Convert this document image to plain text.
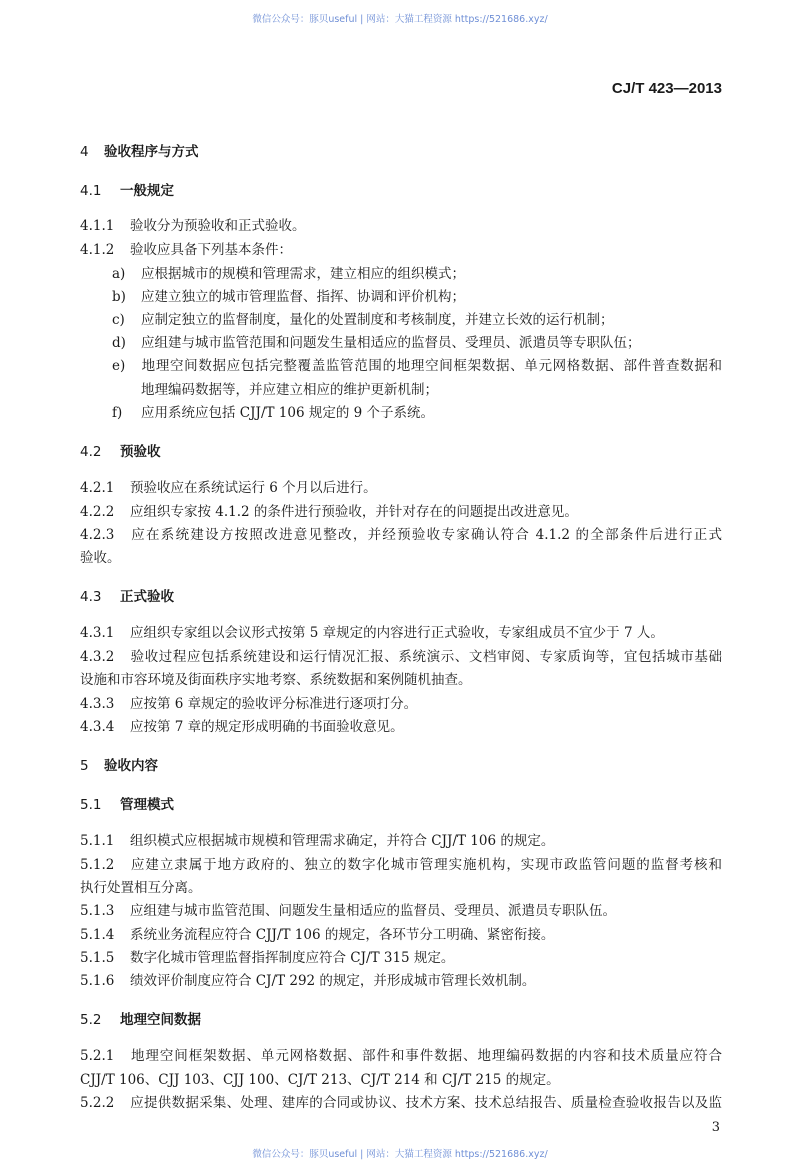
微信公众号：豚贝useful | 网站：大猫工程资源 https://521686.xyz/
CJ/T 423—2013
4 验收程序与方式
4.1 一般规定
4.1.1 验收分为预验收和正式验收。
4.1.2 验收应具备下列基本条件：
a) 应根据城市的规模和管理需求，建立相应的组织模式；
b) 应建立独立的城市管理监督、指挥、协调和评价机构；
c) 应制定独立的监督制度，量化的处置制度和考核制度，并建立长效的运行机制；
d) 应组建与城市监管范围和问题发生量相适应的监督员、受理员、派遣员等专职队伍；
e) 地理空间数据应包括完整覆盖监管范围的地理空间框架数据、单元网格数据、部件普查数据和
地理编码数据等，并应建立相应的维护更新机制；
f) 应用系统应包括 CJJ/T 106 规定的 9 个子系统。
4.2 预验收
4.2.1 预验收应在系统试运行 6 个月以后进行。
4.2.2 应组织专家按 4.1.2 的条件进行预验收，并针对存在的问题提出改进意见。
4.2.3 应在系统建设方按照改进意见整改，并经预验收专家确认符合 4.1.2 的全部条件后进行正式
验收。
4.3 正式验收
4.3.1 应组织专家组以会议形式按第 5 章规定的内容进行正式验收，专家组成员不宜少于 7 人。
4.3.2 验收过程应包括系统建设和运行情况汇报、系统演示、文档审阅、专家质询等，宜包括城市基础
设施和市容环境及街面秩序实地考察、系统数据和案例随机抽查。
4.3.3 应按第 6 章规定的验收评分标准进行逐项打分。
4.3.4 应按第 7 章的规定形成明确的书面验收意见。
5 验收内容
5.1 管理模式
5.1.1 组织模式应根据城市规模和管理需求确定，并符合 CJJ/T 106 的规定。
5.1.2 应建立隶属于地方政府的、独立的数字化城市管理实施机构，实现市政监管问题的监督考核和
执行处置相互分离。
5.1.3 应组建与城市监管范围、问题发生量相适应的监督员、受理员、派遣员专职队伍。
5.1.4 系统业务流程应符合 CJJ/T 106 的规定，各环节分工明确、紧密衔接。
5.1.5 数字化城市管理监督指挥制度应符合 CJ/T 315 规定。
5.1.6 绩效评价制度应符合 CJ/T 292 的规定，并形成城市管理长效机制。
5.2 地理空间数据
5.2.1 地理空间框架数据、单元网格数据、部件和事件数据、地理编码数据的内容和技术质量应符合
CJJ/T 106、CJJ 103、CJJ 100、CJ/T 213、CJ/T 214 和 CJ/T 215 的规定。
5.2.2 应提供数据采集、处理、建库的合同或协议、技术方案、技术总结报告、质量检查验收报告以及监
3
微信公众号：豚贝useful | 网站：大猫工程资源 https://521686.xyz/
